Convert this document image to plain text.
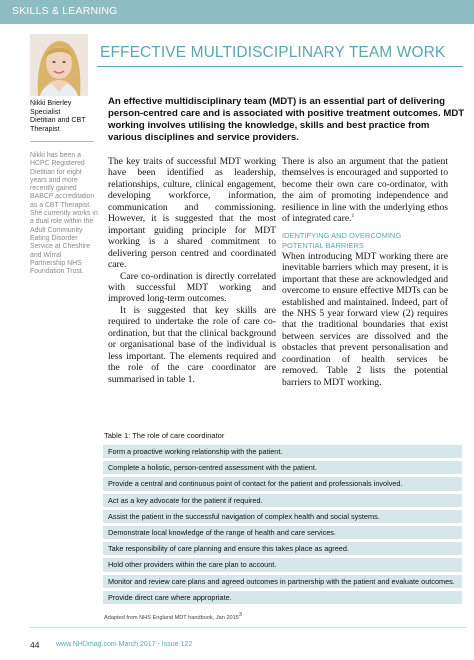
SKILLS & LEARNING
EFFECTIVE MULTIDISCIPLINARY TEAM WORK
Nikki Brierley
Specialist
Dietitian and CBT
Therapist
Nikki has been a HCPC Registered Dietitian for eight years and more recently gained BABCP accreditation as a CBT Therapist. She currently works in a dual role within the Adult Community Eating Disorder Service at Cheshire and Wirral Partnership NHS Foundation Trust.
An effective multidisciplinary team (MDT) is an essential part of delivering person-centred care and is associated with positive treatment outcomes. MDT working involves utilising the knowledge, skills and best practice from various disciplines and service providers.

The key traits of successful MDT working have been identified as leadership, relationships, culture, clinical engagement, developing workforce, information, communication and commissioning. However, it is suggested that the most important guiding principle for MDT working is a shared commitment to delivering person centred and coordinated care.

Care co-ordination is directly correlated with successful MDT working and improved long-term outcomes.

It is suggested that key skills are required to undertake the role of care co-ordination, but that the clinical background or organisational base of the individual is less important. The elements required and the role of the care coordinator are summarised in table 1.

There is also an argument that the patient themselves is encouraged and supported to become their own care co-ordinator, with the aim of promoting independence and resilience in line with the underlying ethos of integrated care.$^1$

IDENTIFYING AND OVERCOMING
POTENTIAL BARRIERS

When introducing MDT working there are inevitable barriers which may present, it is important that these are acknowledged and overcome to ensure effective MDTs can be established and maintained. Indeed, part of the NHS 5 year forward view (2) requires that the traditional boundaries that exist between services are dissolved and the obstacles that prevent personalisation and coordination of health services be removed. Table 2 lists the potential barriers to MDT working.

Table 1: The role of care coordinator
Form a proactive working relationship with the patient.
Complete a holistic, person-centred assessment with the patient.
Provide a central and continuous point of contact for the patient and professionals involved.
Act as a key advocate for the patient if required.
Assist the patient in the successful navigation of complex health and social systems.
Demonstrate local knowledge of the range of health and care services.
Take responsibility of care planning and ensure this takes place as agreed.
Hold other providers within the care plan to account.
Monitor and review care plans and agreed outcomes in partnership with the patient and evaluate outcomes.
Provide direct care where appropriate.
Adapted from NHS England MDT handbook, Jan 2015$^3$
44 www.NHDmag.com March 2017 - Issue 122
